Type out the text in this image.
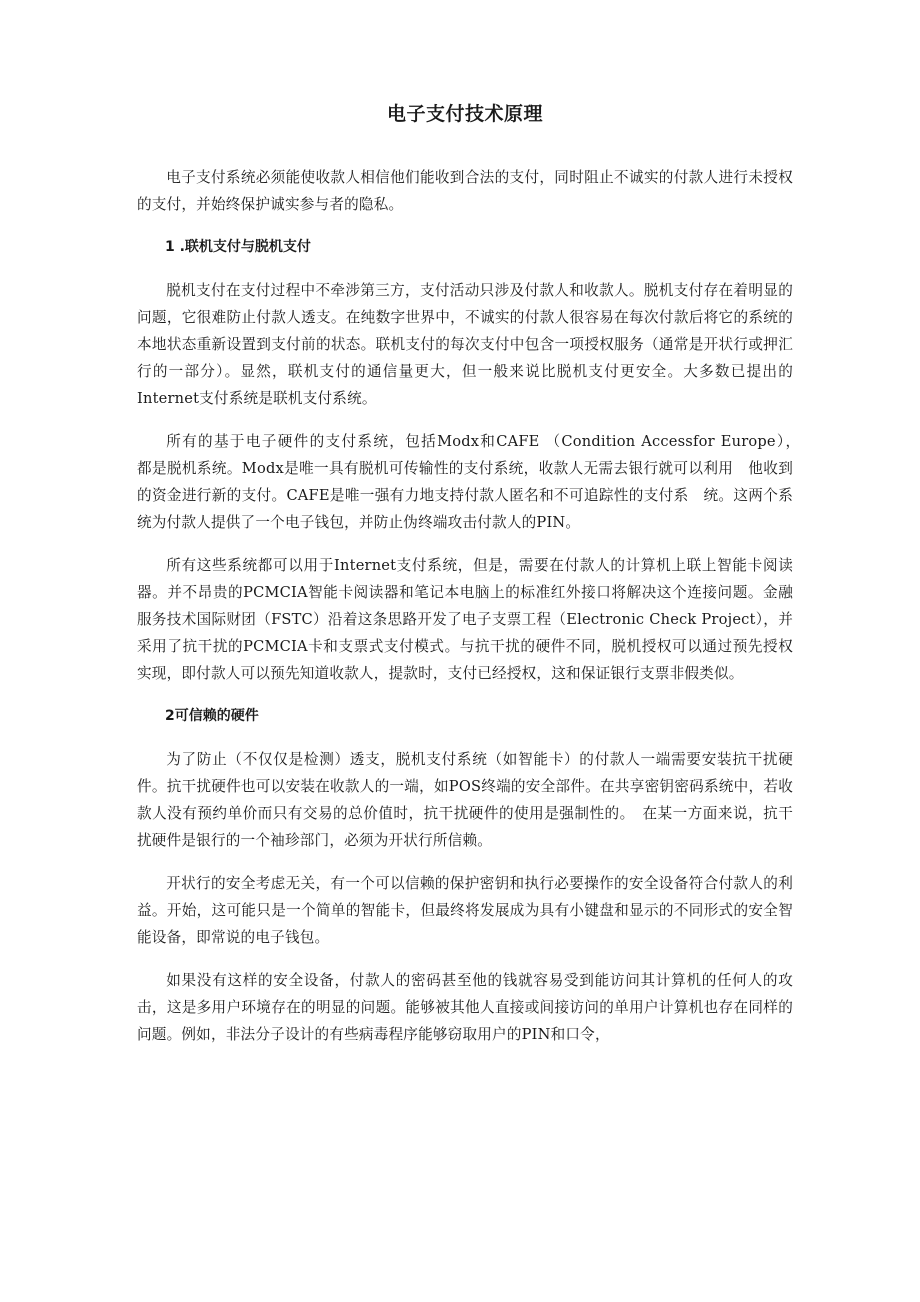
电子支付技术原理

电子支付系统必须能使收款人相信他们能收到合法的支付，同时阻止不诚实的付款人进行未授权的支付，并始终保护诚实参与者的隐私。

1 .联机支付与脱机支付

脱机支付在支付过程中不牵涉第三方，支付活动只涉及付款人和收款人。脱机支付存在着明显的问题，它很难防止付款人透支。在纯数字世界中，不诚实的付款人很容易在每次付款后将它的系统的本地状态重新设置到支付前的状态。联机支付的每次支付中包含一项授权服务（通常是开状行或押汇行的一部分）。显然，联机支付的通信量更大，但一般来说比脱机支付更安全。大多数已提出的Internet支付系统是联机支付系统。

所有的基于电子硬件的支付系统，包括Modx和CAFE （Condition Accessfor Europe），　都是脱机系统。Modx是唯一具有脱机可传输性的支付系统，收款人无需去银行就可以利用　他收到的资金进行新的支付。CAFE是唯一强有力地支持付款人匿名和不可追踪性的支付系　统。这两个系统为付款人提供了一个电子钱包，并防止伪终端攻击付款人的PIN。

所有这些系统都可以用于Internet支付系统，但是，需要在付款人的计算机上联上智能卡阅读器。并不昂贵的PCMCIA智能卡阅读器和笔记本电脑上的标准红外接口将解决这个连接问题。金融服务技术国际财团（FSTC）沿着这条思路开发了电子支票工程（Electronic Check Project），并采用了抗干扰的PCMCIA卡和支票式支付模式。与抗干扰的硬件不同，脱机授权可以通过预先授权实现，即付款人可以预先知道收款人，提款时，支付已经授权，这和保证银行支票非假类似。

2可信赖的硬件

为了防止（不仅仅是检测）透支，脱机支付系统（如智能卡）的付款人一端需要安装抗干扰硬件。抗干扰硬件也可以安装在收款人的一端，如POS终端的安全部件。在共享密钥密码系统中，若收款人没有预约单价而只有交易的总价值时，抗干扰硬件的使用是强制性的。　在某一方面来说，抗干扰硬件是银行的一个袖珍部门，必须为开状行所信赖。

开状行的安全考虑无关，有一个可以信赖的保护密钥和执行必要操作的安全设备符合付款人的利益。开始，这可能只是一个简单的智能卡，但最终将发展成为具有小键盘和显示的不同形式的安全智能设备，即常说的电子钱包。

如果没有这样的安全设备，付款人的密码甚至他的钱就容易受到能访问其计算机的任何人的攻击，这是多用户环境存在的明显的问题。能够被其他人直接或间接访问的单用户计算机也存在同样的问题。例如，非法分子设计的有些病毒程序能够窃取用户的PIN和口令，
